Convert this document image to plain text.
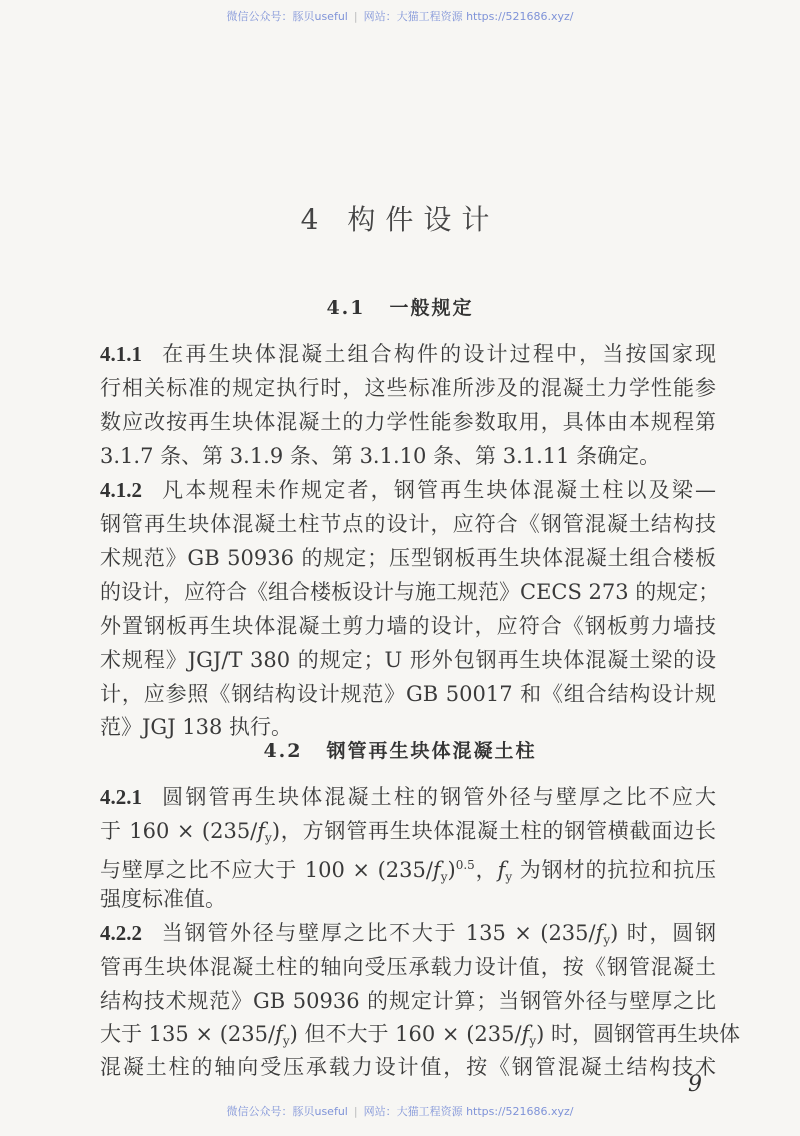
微信公众号：豚贝useful | 网站：大猫工程资源 https://521686.xyz/
4 构件设计
4.1 一般规定
4.1.1 在再生块体混凝土组合构件的设计过程中，当按国家现
行相关标准的规定执行时，这些标准所涉及的混凝土力学性能参
数应改按再生块体混凝土的力学性能参数取用，具体由本规程第
3.1.7 条、第 3.1.9 条、第 3.1.10 条、第 3.1.11 条确定。
4.1.2 凡本规程未作规定者，钢管再生块体混凝土柱以及梁—
钢管再生块体混凝土柱节点的设计，应符合《钢管混凝土结构技
术规范》GB 50936 的规定；压型钢板再生块体混凝土组合楼板
的设计，应符合《组合楼板设计与施工规范》CECS 273 的规定；
外置钢板再生块体混凝土剪力墙的设计，应符合《钢板剪力墙技
术规程》JGJ/T 380 的规定；U 形外包钢再生块体混凝土梁的设
计，应参照《钢结构设计规范》GB 50017 和《组合结构设计规
范》JGJ 138 执行。
4.2 钢管再生块体混凝土柱
4.2.1 圆钢管再生块体混凝土柱的钢管外径与壁厚之比不应大
于 $160 \times (235/f_y)$，方钢管再生块体混凝土柱的钢管横截面边长
与壁厚之比不应大于 $100 \times (235/f_y)^{0.5}$，$f_y$ 为钢材的抗拉和抗压
强度标准值。
4.2.2 当钢管外径与壁厚之比不大于 $135 \times (235/f_y)$ 时，圆钢
管再生块体混凝土柱的轴向受压承载力设计值，按《钢管混凝土
结构技术规范》GB 50936 的规定计算；当钢管外径与壁厚之比
大于 $135 \times (235/f_y)$ 但不大于 $160 \times (235/f_y)$ 时，圆钢管再生块体
混凝土柱的轴向受压承载力设计值，按《钢管混凝土结构技术
9
微信公众号：豚贝useful | 网站：大猫工程资源 https://521686.xyz/
